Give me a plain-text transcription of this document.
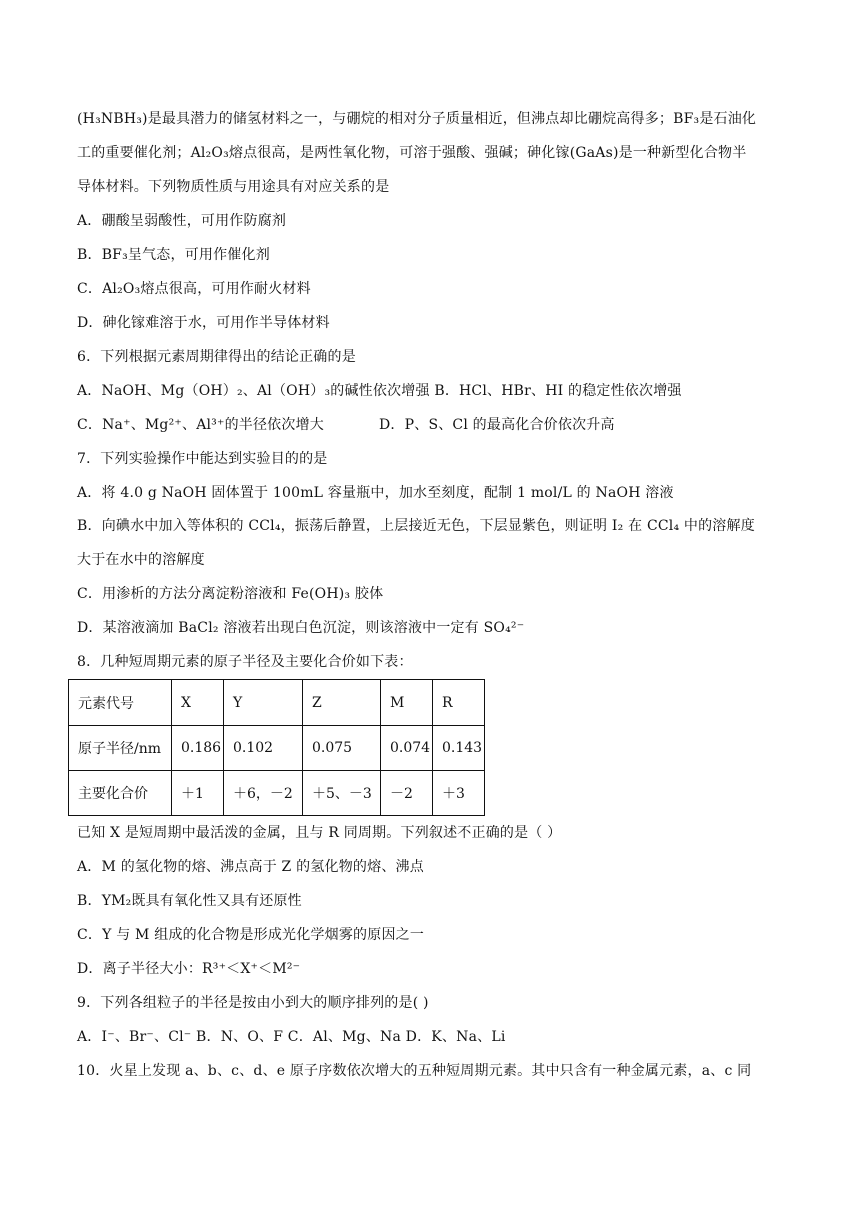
(H₃NBH₃)是最具潜力的储氢材料之一，与硼烷的相对分子质量相近，但沸点却比硼烷高得多；BF₃是石油化
工的重要催化剂；Al₂O₃熔点很高，是两性氧化物，可溶于强酸、强碱；砷化镓(GaAs)是一种新型化合物半
导体材料。下列物质性质与用途具有对应关系的是
A．硼酸呈弱酸性，可用作防腐剂
B．BF₃呈气态，可用作催化剂
C．Al₂O₃熔点很高，可用作耐火材料
D．砷化镓难溶于水，可用作半导体材料
6．下列根据元素周期律得出的结论正确的是
A．NaOH、Mg（OH）₂、Al（OH）₃的碱性依次增强 B．HCl、HBr、HI 的稳定性依次增强
C．Na⁺、Mg²⁺、Al³⁺的半径依次增大	D．P、S、Cl 的最高化合价依次升高
7．下列实验操作中能达到实验目的的是
A．将 4.0 g NaOH 固体置于 100mL 容量瓶中，加水至刻度，配制 1 mol/L 的 NaOH 溶液
B．向碘水中加入等体积的 CCl₄，振荡后静置，上层接近无色，下层显紫色，则证明 I₂ 在 CCl₄ 中的溶解度
大于在水中的溶解度
C．用渗析的方法分离淀粉溶液和 Fe(OH)₃ 胶体
D．某溶液滴加 BaCl₂ 溶液若出现白色沉淀，则该溶液中一定有 SO₄²⁻
8．几种短周期元素的原子半径及主要化合价如下表：
元素代号	X	Y	Z	M	R
原子半径/nm	0.186	0.102	0.075	0.074	0.143
主要化合价	＋1	＋6，－2	＋5、－3	－2	＋3
已知 X 是短周期中最活泼的金属，且与 R 同周期。下列叙述不正确的是（ ）
A．M 的氢化物的熔、沸点高于 Z 的氢化物的熔、沸点
B．YM₂既具有氧化性又具有还原性
C．Y 与 M 组成的化合物是形成光化学烟雾的原因之一
D．离子半径大小：R³⁺＜X⁺＜M²⁻
9．下列各组粒子的半径是按由小到大的顺序排列的是( )
A．I⁻、Br⁻、Cl⁻ B．N、O、F C．Al、Mg、Na D．K、Na、Li
10．火星上发现 a、b、c、d、e 原子序数依次增大的五种短周期元素。其中只含有一种金属元素，a、c 同
